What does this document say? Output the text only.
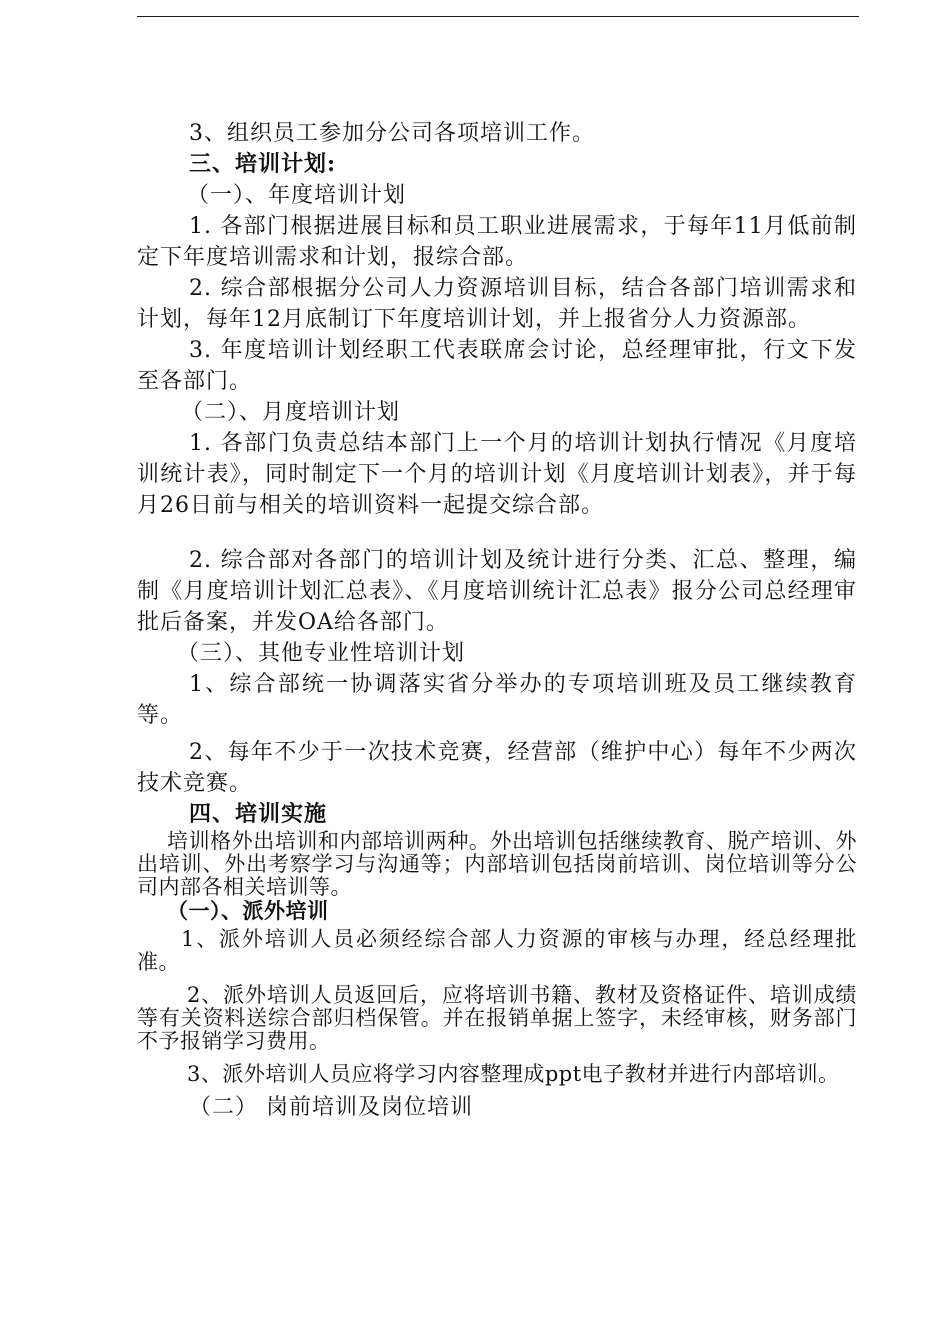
3、组织员工参加分公司各项培训工作。

三、培训计划:

（一）、年度培训计划

1. 各部门根据进展目标和员工职业进展需求，于每年11月低前制定下年度培训需求和计划，报综合部。

2. 综合部根据分公司人力资源培训目标，结合各部门培训需求和计划，每年12月底制订下年度培训计划，并上报省分人力资源部。

3. 年度培训计划经职工代表联席会讨论，总经理审批，行文下发至各部门。

（二）、月度培训计划

1. 各部门负责总结本部门上一个月的培训计划执行情况《月度培训统计表》，同时制定下一个月的培训计划《月度培训计划表》，并于每月26日前与相关的培训资料一起提交综合部。

2. 综合部对各部门的培训计划及统计进行分类、汇总、整理，编制《月度培训计划汇总表》、《月度培训统计汇总表》报分公司总经理审批后备案，并发OA给各部门。

（三）、其他专业性培训计划

1、综合部统一协调落实省分举办的专项培训班及员工继续教育等。

2、每年不少于一次技术竞赛，经营部（维护中心）每年不少两次技术竞赛。

四、培训实施

培训格外出培训和内部培训两种。外出培训包括继续教育、脱产培训、外出培训、外出考察学习与沟通等；内部培训包括岗前培训、岗位培训等分公司内部各相关培训等。

（一）、派外培训

1、派外培训人员必须经综合部人力资源的审核与办理，经总经理批准。

2、派外培训人员返回后，应将培训书籍、教材及资格证件、培训成绩等有关资料送综合部归档保管。并在报销单据上签字，未经审核，财务部门不予报销学习费用。

3、派外培训人员应将学习内容整理成ppt电子教材并进行内部培训。

（二） 岗前培训及岗位培训
